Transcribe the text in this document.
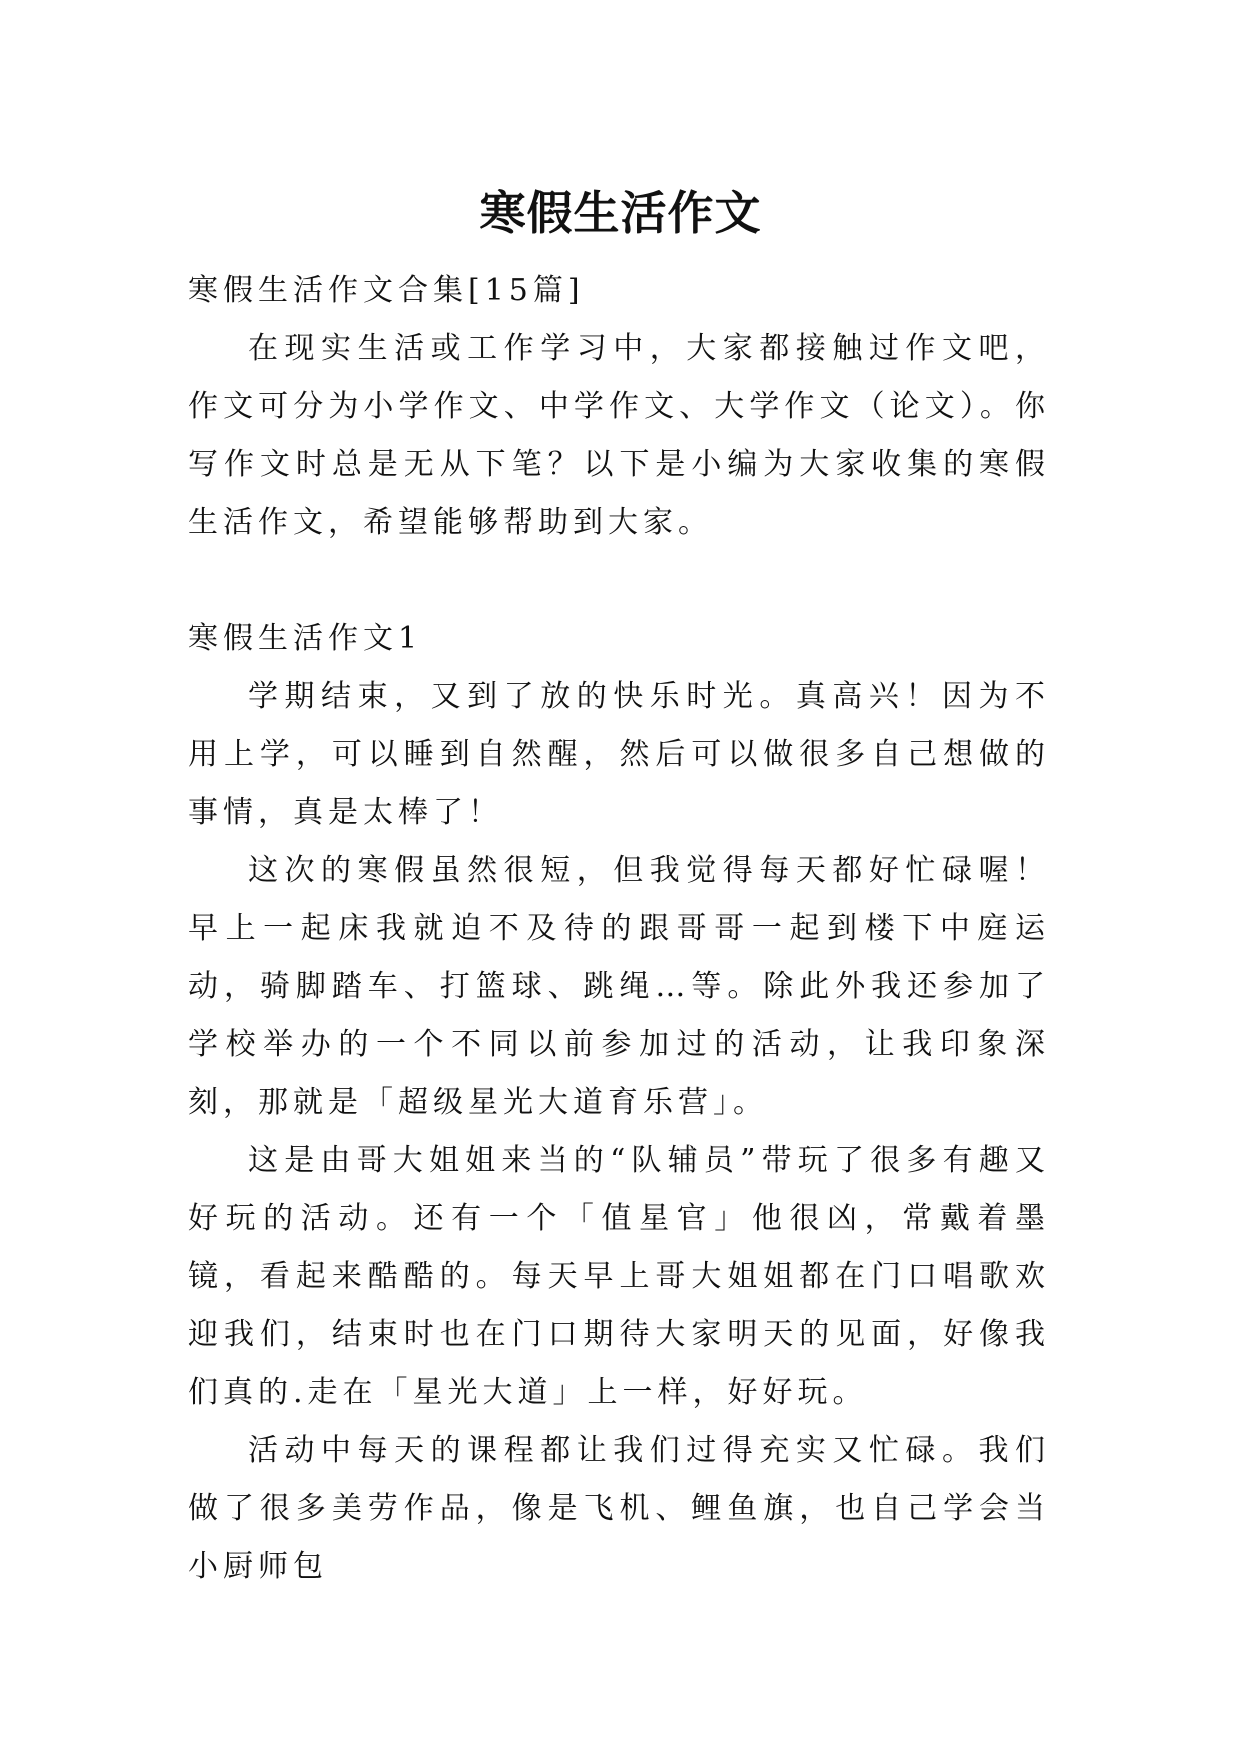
寒假生活作文

寒假生活作文合集[15篇]

在现实生活或工作学习中，大家都接触过作文吧，作文可分为小学作文、中学作文、大学作文（论文）。你写作文时总是无从下笔？以下是小编为大家收集的寒假生活作文，希望能够帮助到大家。

寒假生活作文1

学期结束，又到了放的快乐时光。真高兴！因为不用上学，可以睡到自然醒，然后可以做很多自己想做的事情，真是太棒了！

这次的寒假虽然很短，但我觉得每天都好忙碌喔！早上一起床我就迫不及待的跟哥哥一起到楼下中庭运动，骑脚踏车、打篮球、跳绳…等。除此外我还参加了学校举办的一个不同以前参加过的活动，让我印象深刻，那就是「超级星光大道育乐营」。

这是由哥大姐姐来当的“队辅员”带玩了很多有趣又好玩的活动。还有一个「值星官」他很凶，常戴着墨镜，看起来酷酷的。每天早上哥大姐姐都在门口唱歌欢迎我们，结束时也在门口期待大家明天的见面，好像我们真的.走在「星光大道」上一样，好好玩。

活动中每天的课程都让我们过得充实又忙碌。我们做了很多美劳作品，像是飞机、鲤鱼旗，也自己学会当小厨师包
